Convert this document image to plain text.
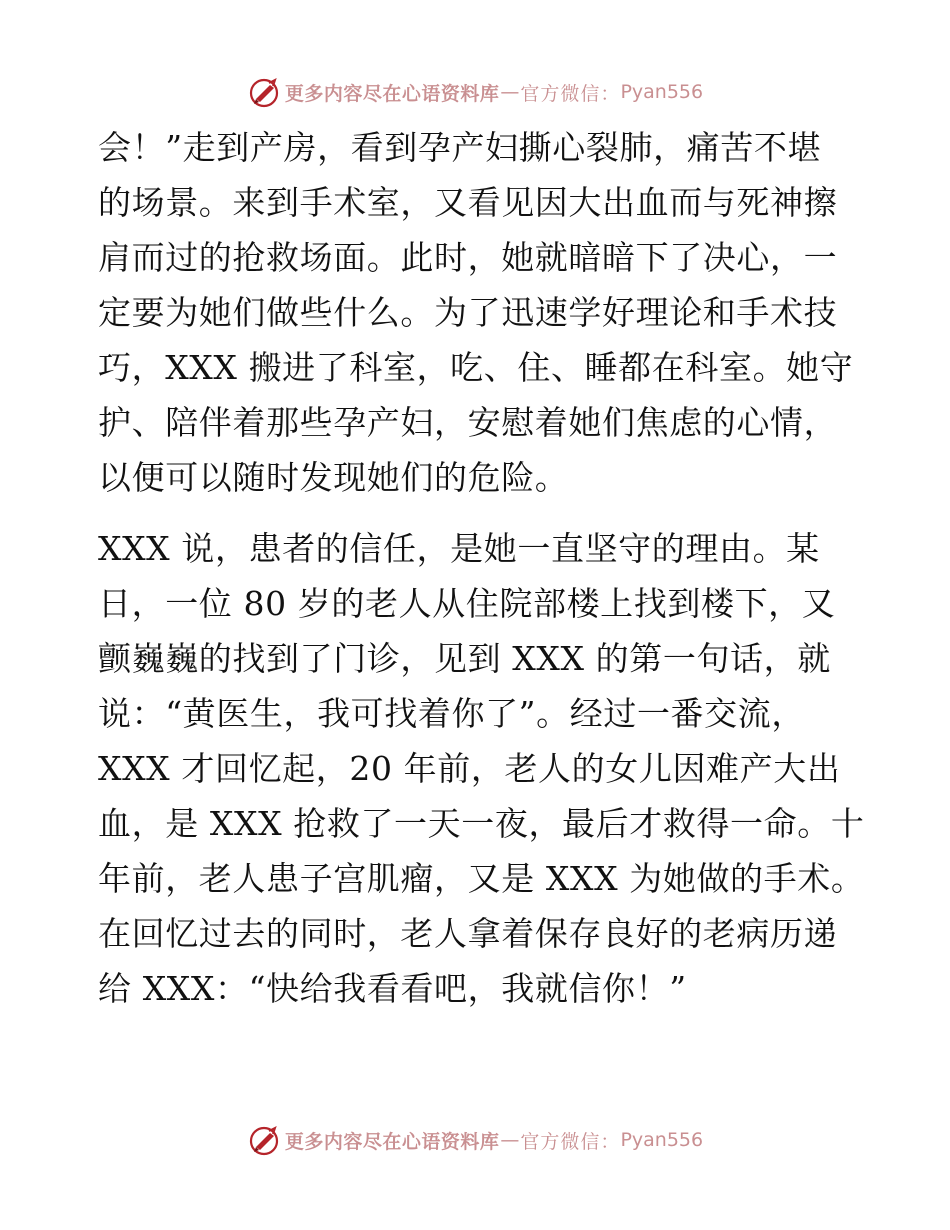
更多内容尽在心语资料库 — 官方微信： Pyan556
会！”走到产房，看到孕产妇撕心裂肺，痛苦不堪
的场景。来到手术室，又看见因大出血而与死神擦
肩而过的抢救场面。此时，她就暗暗下了决心，一
定要为她们做些什么。为了迅速学好理论和手术技
巧，XXX 搬进了科室，吃、住、睡都在科室。她守
护、陪伴着那些孕产妇，安慰着她们焦虑的心情，
以便可以随时发现她们的危险。
XXX 说，患者的信任，是她一直坚守的理由。某
日，一位 80 岁的老人从住院部楼上找到楼下，又
颤巍巍的找到了门诊，见到 XXX 的第一句话，就
说：“黄医生，我可找着你了”。经过一番交流，
XXX 才回忆起，20 年前，老人的女儿因难产大出
血，是 XXX 抢救了一天一夜，最后才救得一命。十
年前，老人患子宫肌瘤，又是 XXX 为她做的手术。
在回忆过去的同时，老人拿着保存良好的老病历递
给 XXX：“快给我看看吧，我就信你！”
更多内容尽在心语资料库 — 官方微信： Pyan556
